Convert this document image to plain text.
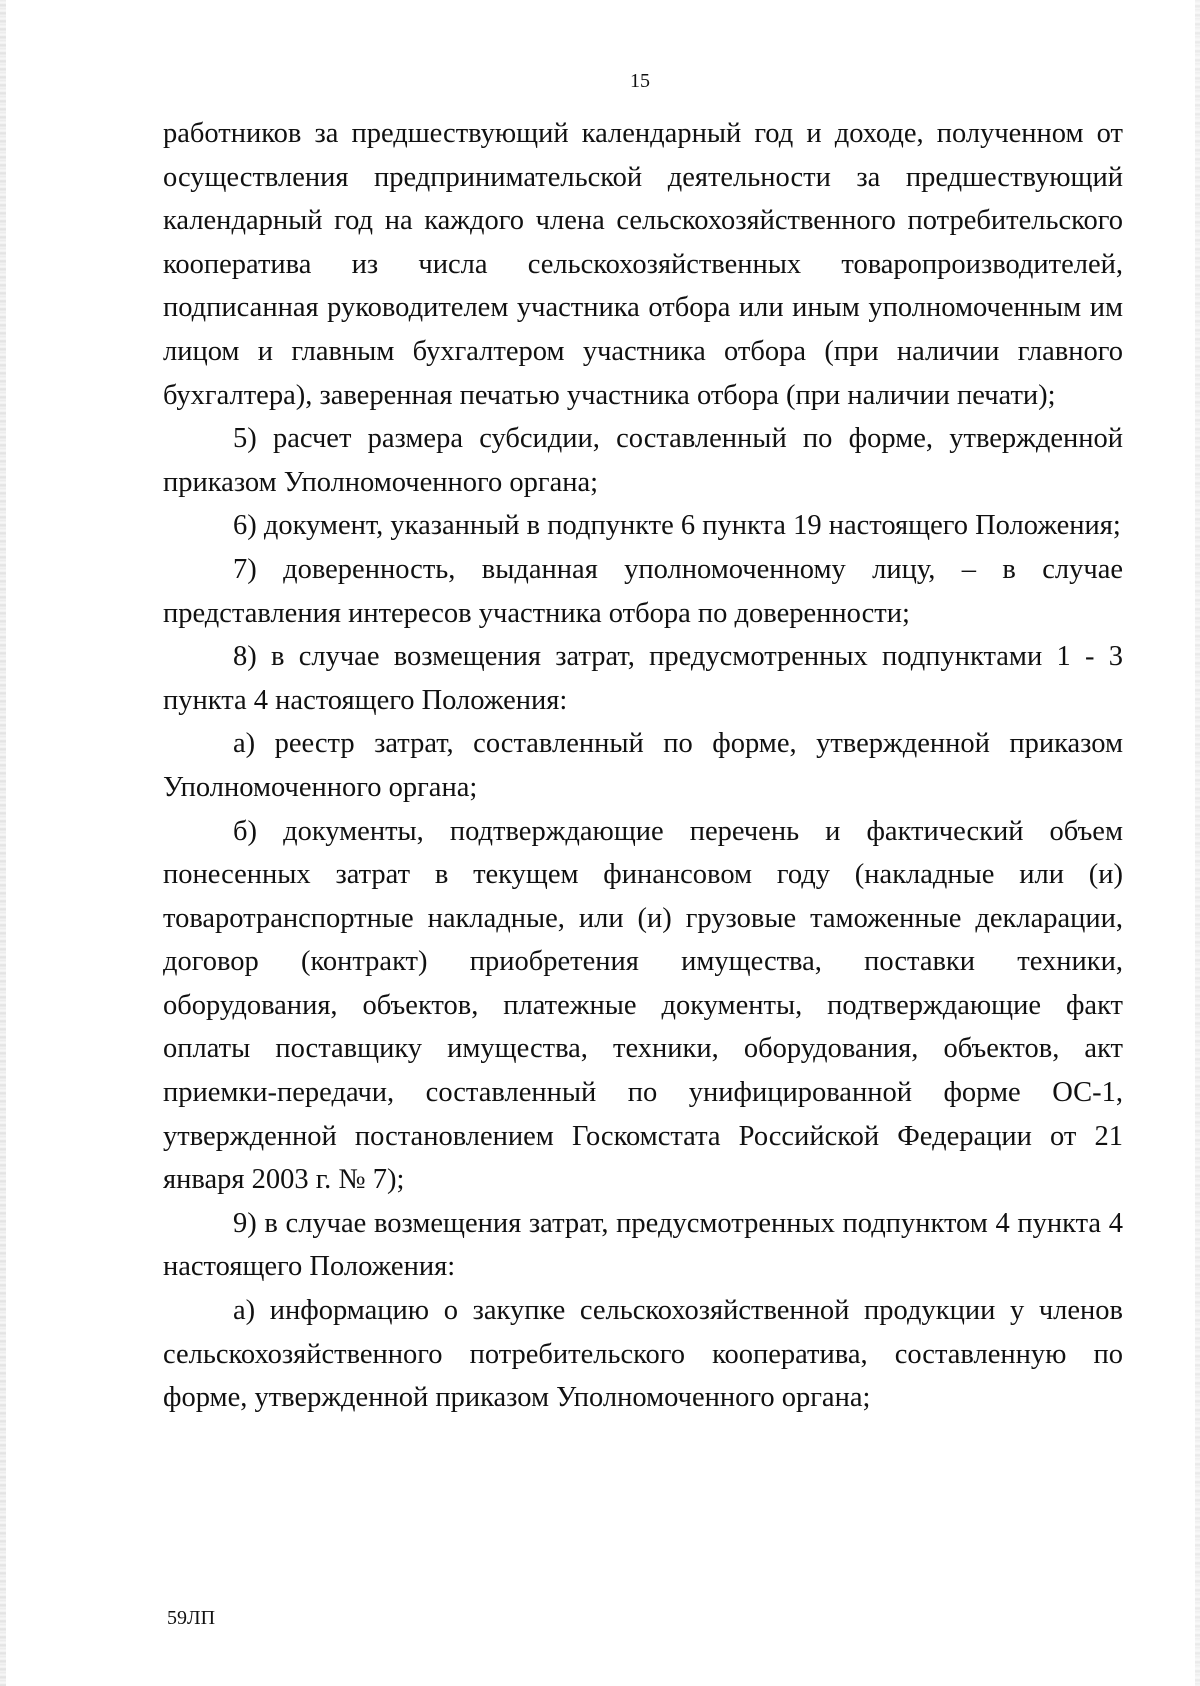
15

работников за предшествующий календарный год и доходе, полученном от осуществления предпринимательской деятельности за предшествующий календарный год на каждого члена сельскохозяйственного потребительского кооператива из числа сельскохозяйственных товаропроизводителей, подписанная руководителем участника отбора или иным уполномоченным им лицом и главным бухгалтером участника отбора (при наличии главного бухгалтера), заверенная печатью участника отбора (при наличии печати);

5) расчет размера субсидии, составленный по форме, утвержденной приказом Уполномоченного органа;

6) документ, указанный в подпункте 6 пункта 19 настоящего Положения;

7) доверенность, выданная уполномоченному лицу, – в случае представления интересов участника отбора по доверенности;

8) в случае возмещения затрат, предусмотренных подпунктами 1 - 3 пункта 4 настоящего Положения:

а) реестр затрат, составленный по форме, утвержденной приказом Уполномоченного органа;

б) документы, подтверждающие перечень и фактический объем понесенных затрат в текущем финансовом году (накладные или (и) товаротранспортные накладные, или (и) грузовые таможенные декларации, договор (контракт) приобретения имущества, поставки техники, оборудования, объектов, платежные документы, подтверждающие факт оплаты поставщику имущества, техники, оборудования, объектов, акт приемки-передачи, составленный по унифицированной форме ОС-1, утвержденной постановлением Госкомстата Российской Федерации от 21 января 2003 г. № 7);

9) в случае возмещения затрат, предусмотренных подпунктом 4 пункта 4 настоящего Положения:

а) информацию о закупке сельскохозяйственной продукции у членов сельскохозяйственного потребительского кооператива, составленную по форме, утвержденной приказом Уполномоченного органа;

59ЛП
